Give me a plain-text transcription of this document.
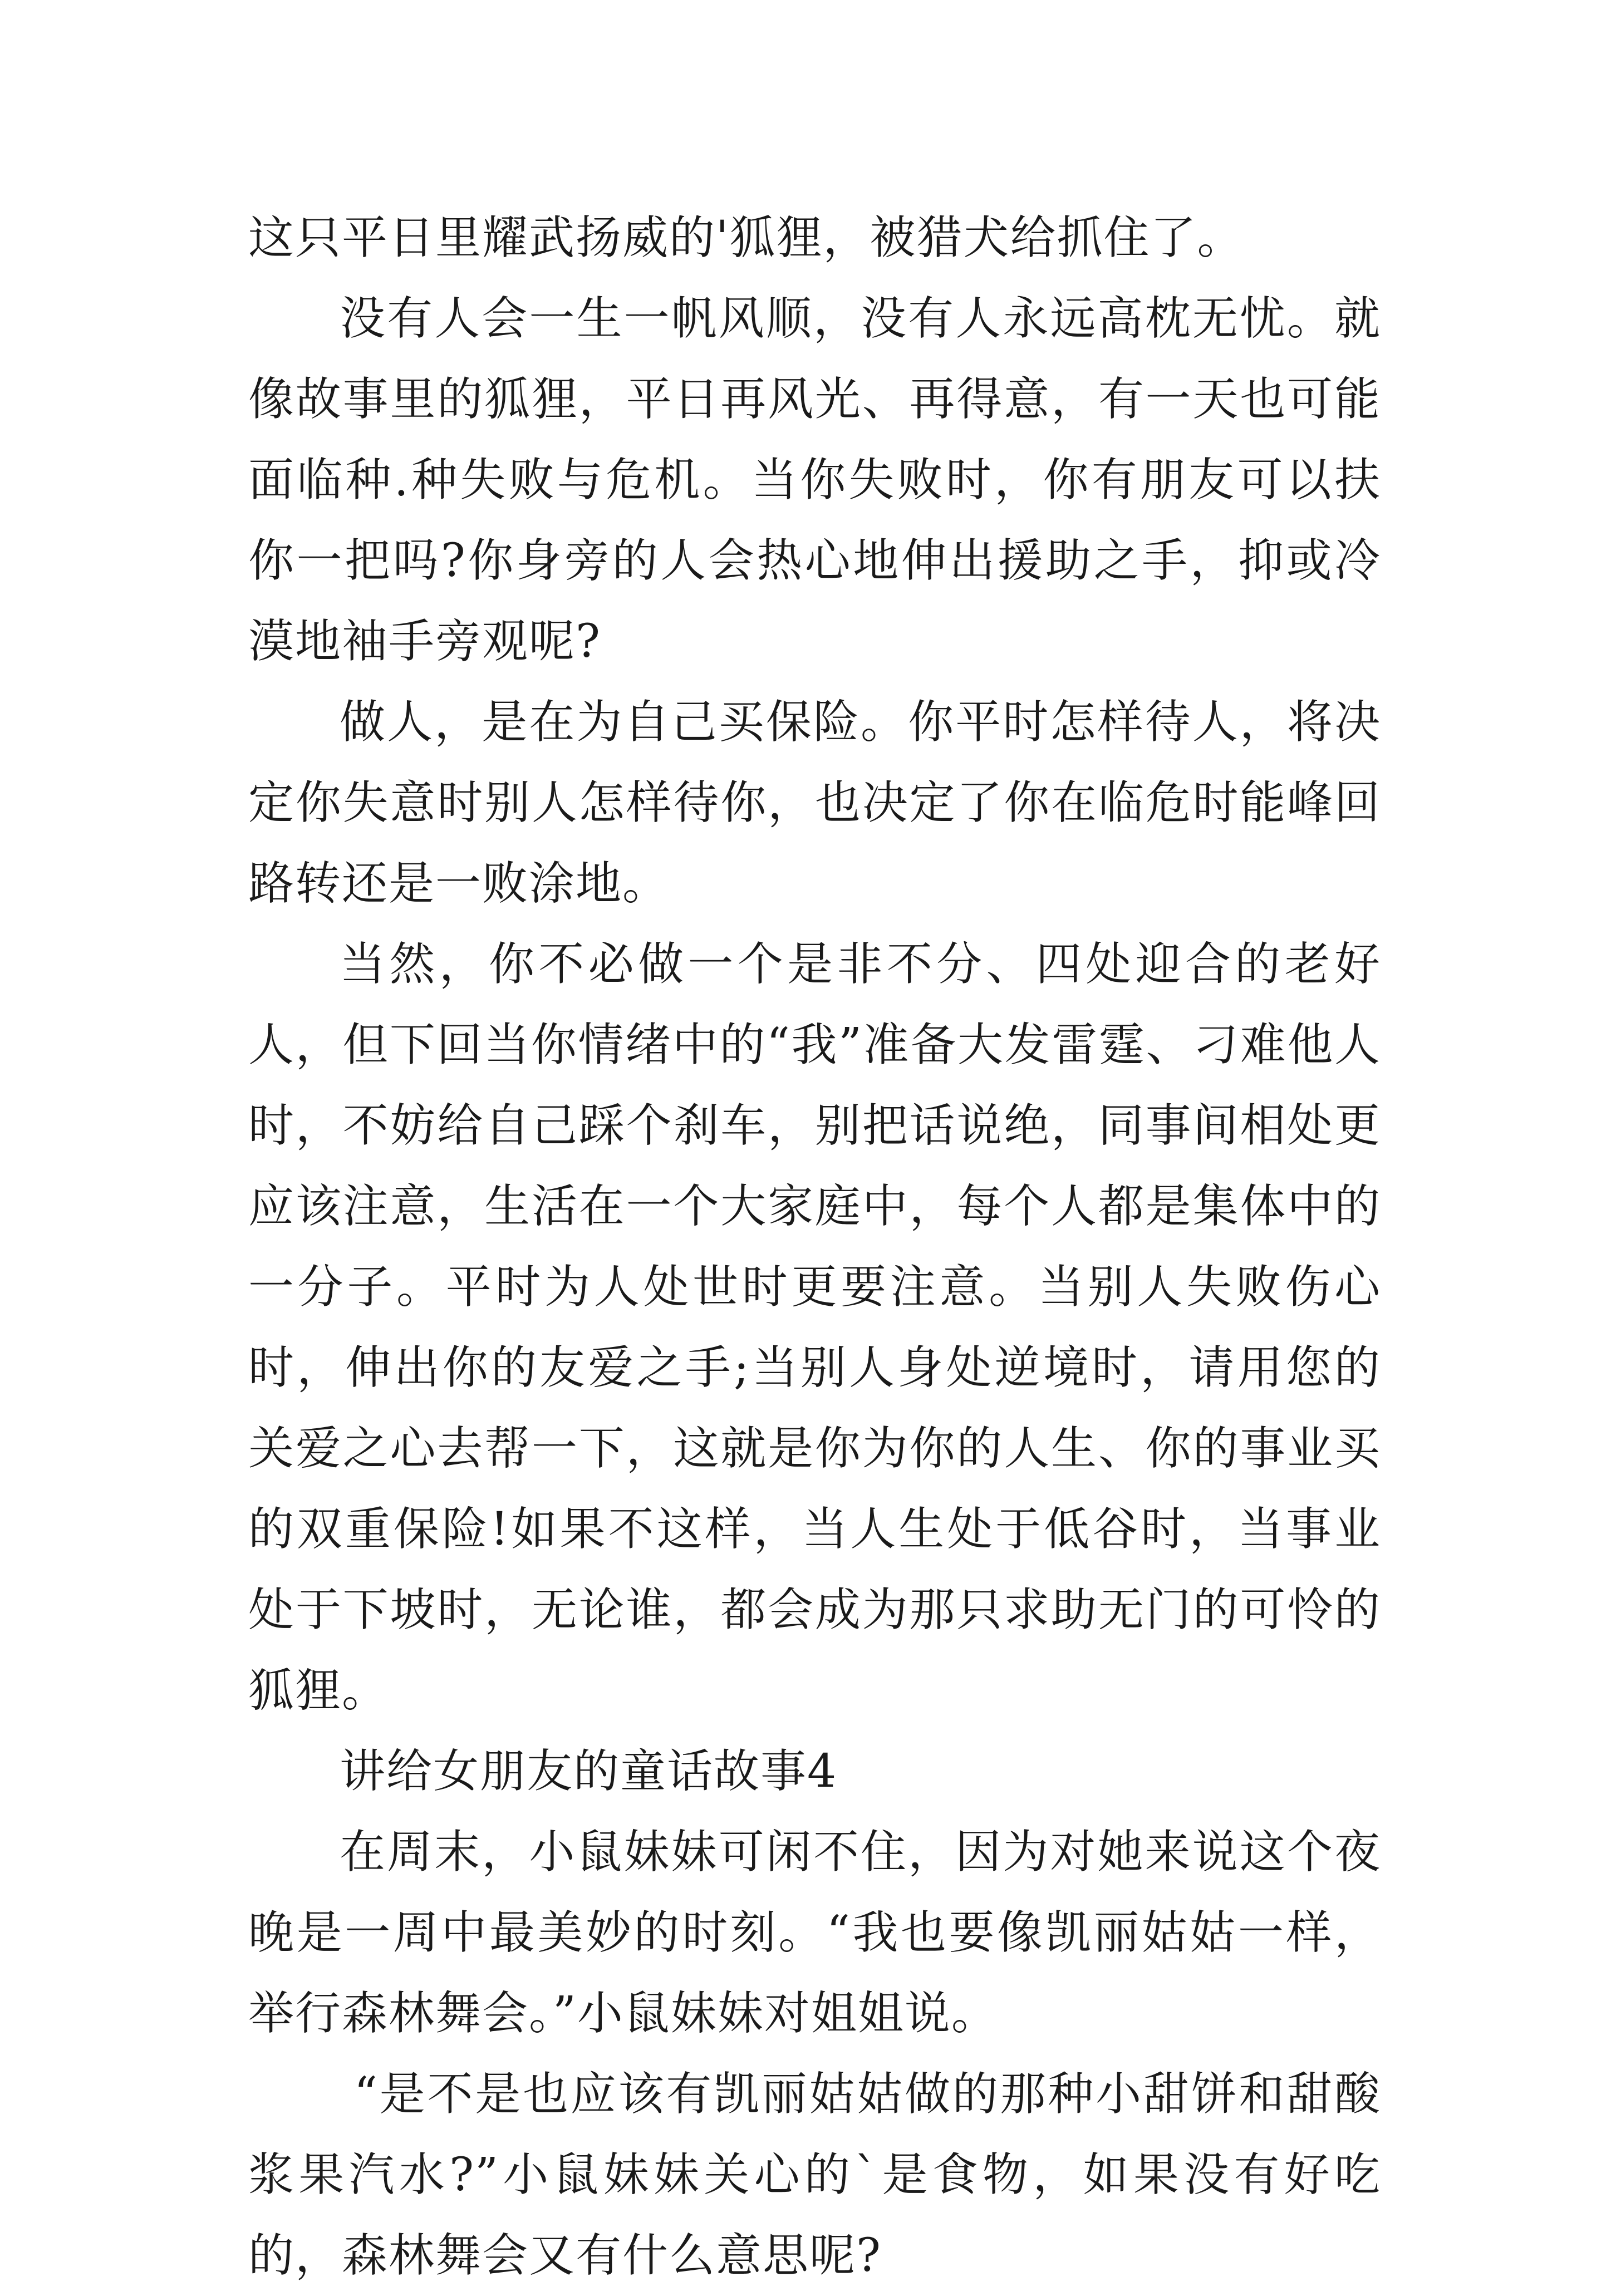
这只平日里耀武扬威的'狐狸，被猎犬给抓住了。

没有人会一生一帆风顺，没有人永远高枕无忧。就像故事里的狐狸，平日再风光、再得意，有一天也可能面临种.种失败与危机。当你失败时，你有朋友可以扶你一把吗?你身旁的人会热心地伸出援助之手，抑或冷漠地袖手旁观呢?

做人，是在为自己买保险。你平时怎样待人，将决定你失意时别人怎样待你，也决定了你在临危时能峰回路转还是一败涂地。

当然，你不必做一个是非不分、四处迎合的老好人，但下回当你情绪中的“我”准备大发雷霆、刁难他人时，不妨给自己踩个刹车，别把话说绝，同事间相处更应该注意，生活在一个大家庭中，每个人都是集体中的一分子。平时为人处世时更要注意。当别人失败伤心时，伸出你的友爱之手;当别人身处逆境时，请用您的关爱之心去帮一下，这就是你为你的人生、你的事业买的双重保险!如果不这样，当人生处于低谷时，当事业处于下坡时，无论谁，都会成为那只求助无门的可怜的狐狸。

讲给女朋友的童话故事4

在周末，小鼠妹妹可闲不住，因为对她来说这个夜晚是一周中最美妙的时刻。“我也要像凯丽姑姑一样，举行森林舞会。”小鼠妹妹对姐姐说。

“是不是也应该有凯丽姑姑做的那种小甜饼和甜酸浆果汽水?”小鼠妹妹关心的`是食物，如果没有好吃的，森林舞会又有什么意思呢?
